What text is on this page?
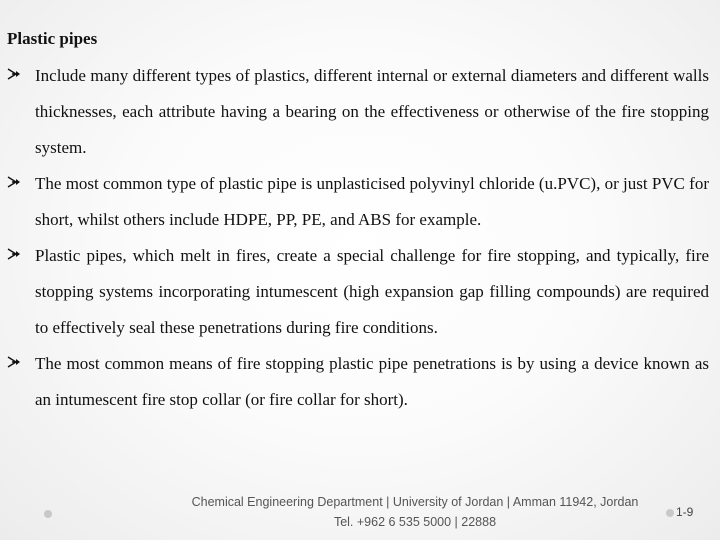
Plastic pipes
Include many different types of plastics, different internal or external diameters and different walls thicknesses, each attribute having a bearing on the effectiveness or otherwise of the fire stopping system.
The most common type of plastic pipe is unplasticised polyvinyl chloride (u.PVC), or just PVC for short, whilst others include HDPE, PP, PE, and ABS for example.
Plastic pipes, which melt in fires, create a special challenge for fire stopping, and typically, fire stopping systems incorporating intumescent (high expansion gap filling compounds) are required to effectively seal these penetrations during fire conditions.
The most common means of fire stopping plastic pipe penetrations is by using a device known as an intumescent fire stop collar (or fire collar for short).
Chemical Engineering Department | University of Jordan | Amman 11942, Jordan
Tel. +962 6 535 5000 | 22888
1-9
